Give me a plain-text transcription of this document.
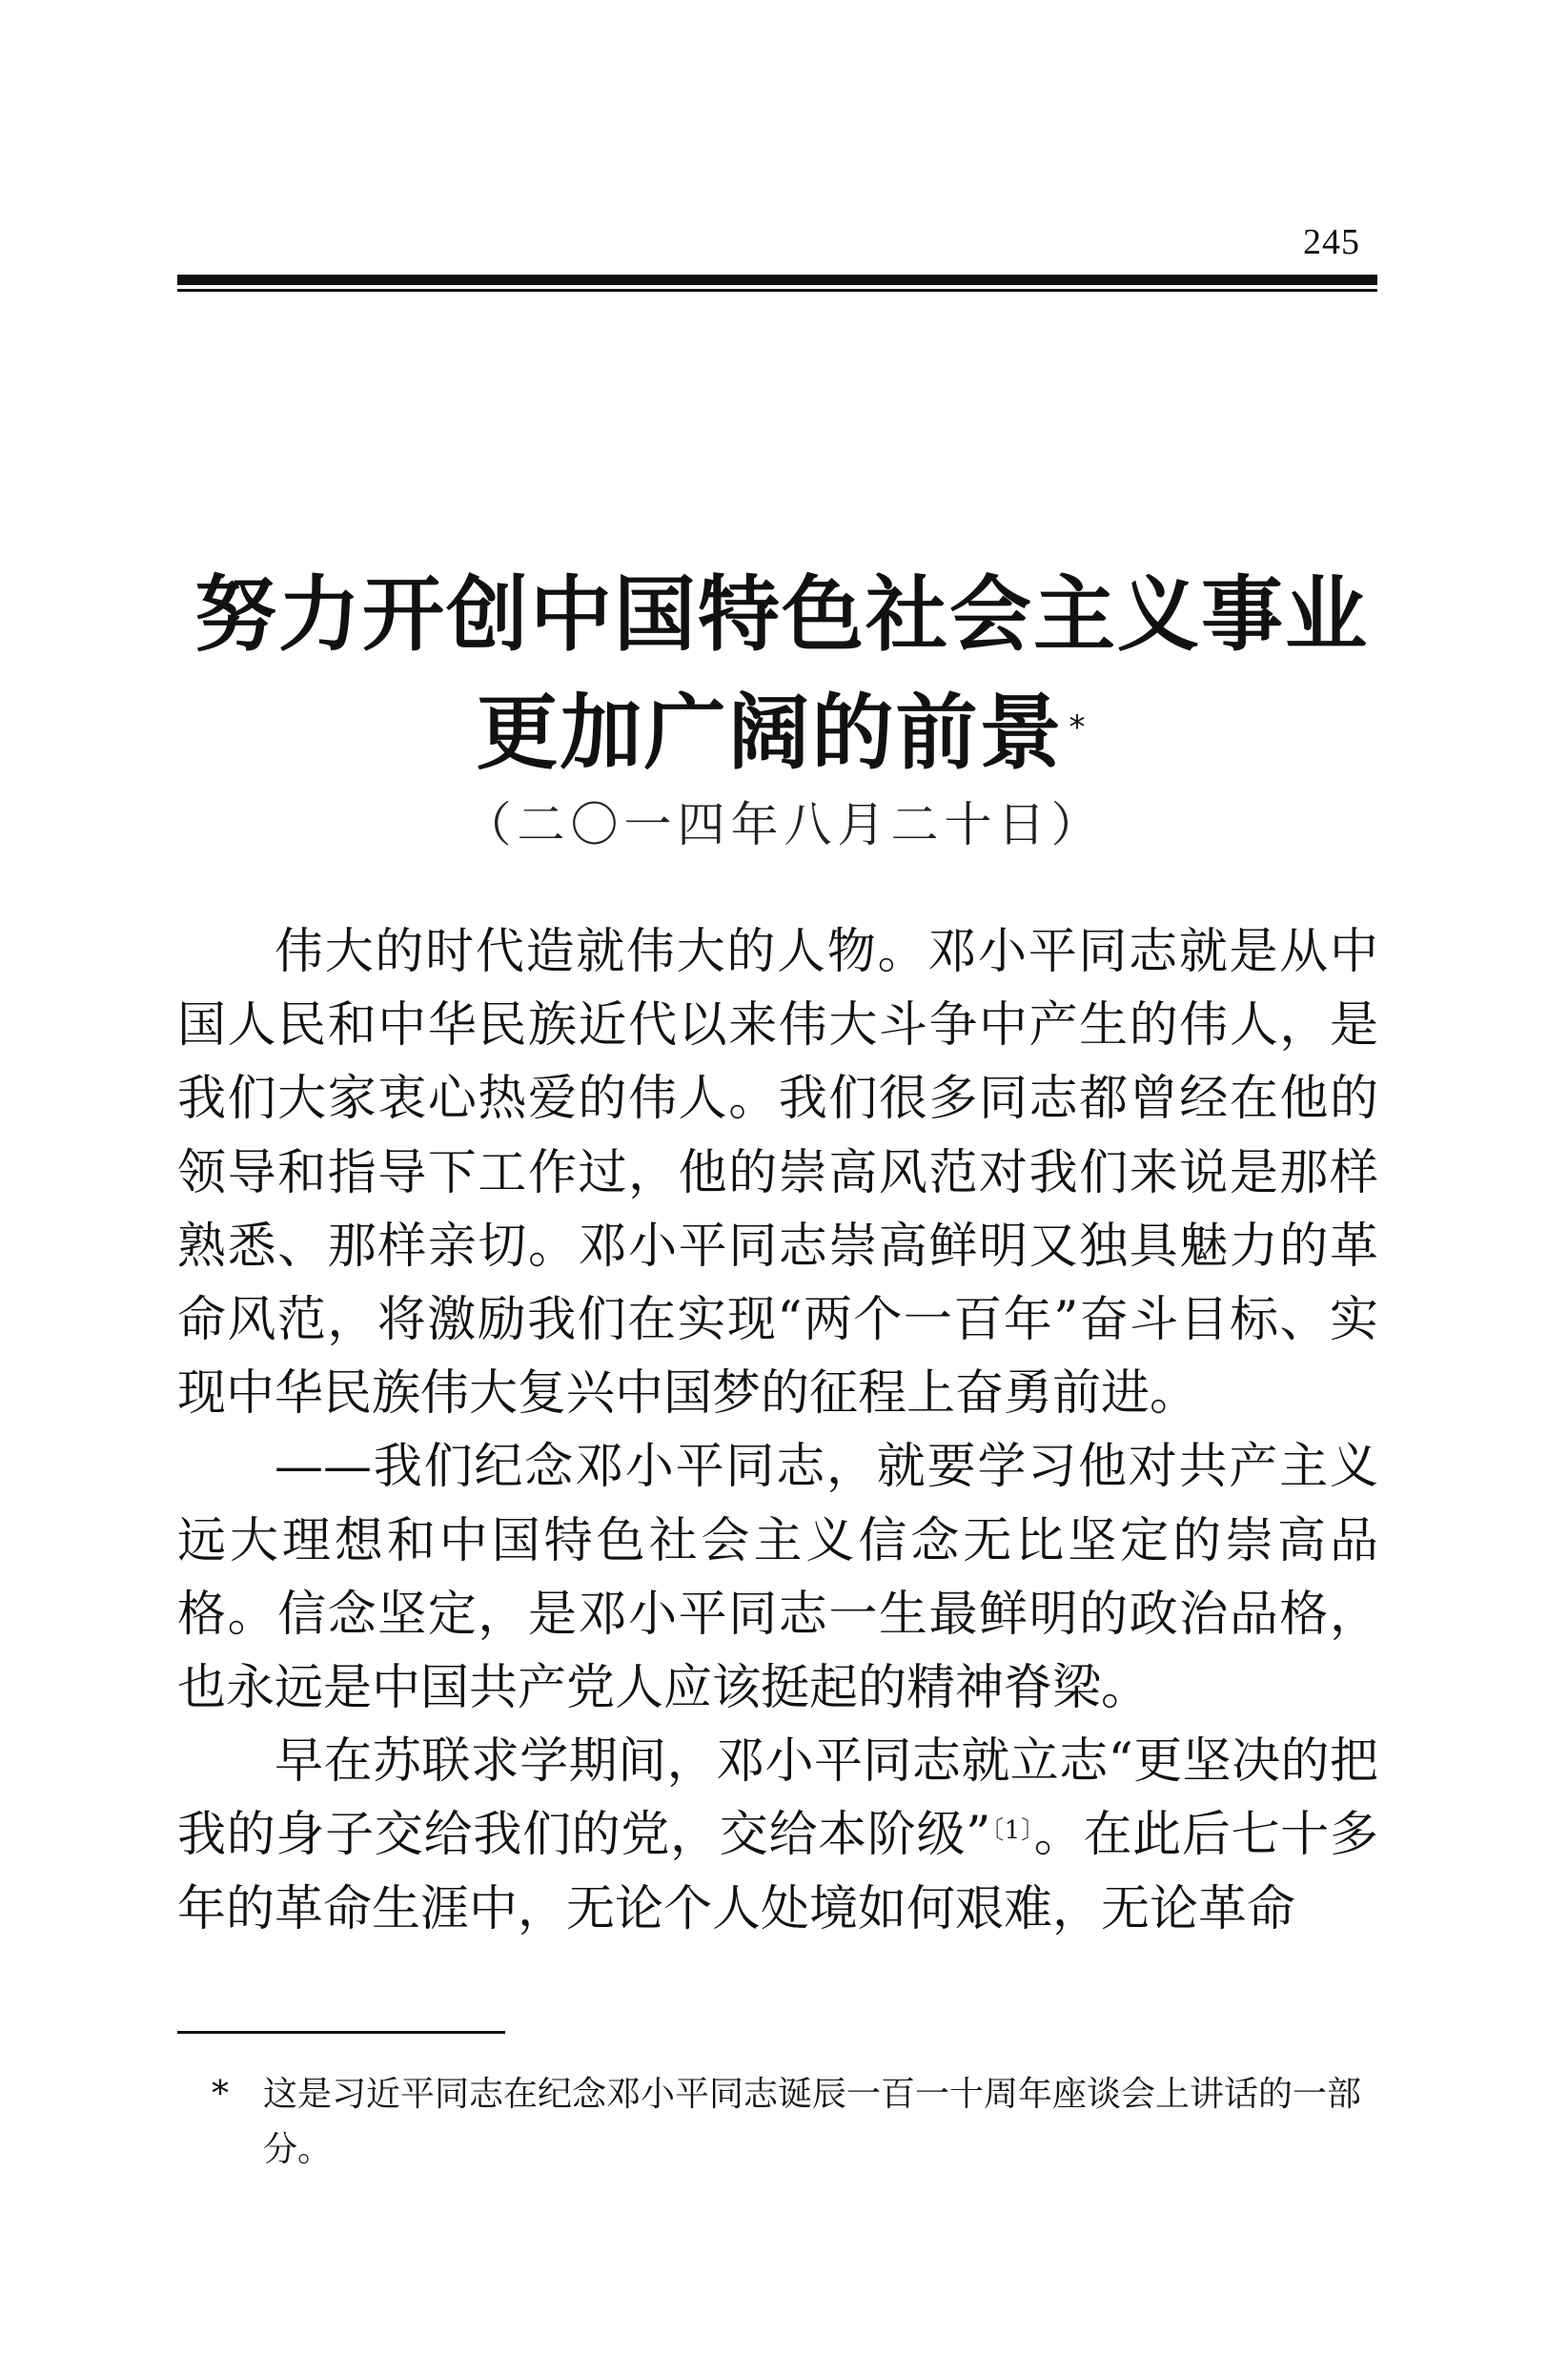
245
努力开创中国特色社会主义事业
更加广阔的前景 *
（二〇一四年八月二十日）

伟大的时代造就伟大的人物。邓小平同志就是从中国人民和中华民族近代以来伟大斗争中产生的伟人，是我们大家衷心热爱的伟人。我们很多同志都曾经在他的领导和指导下工作过，他的崇高风范对我们来说是那样熟悉、那样亲切。邓小平同志崇高鲜明又独具魅力的革命风范，将激励我们在实现“两个一百年”奋斗目标、实现中华民族伟大复兴中国梦的征程上奋勇前进。

——我们纪念邓小平同志，就要学习他对共产主义远大理想和中国特色社会主义信念无比坚定的崇高品格。信念坚定，是邓小平同志一生最鲜明的政治品格，也永远是中国共产党人应该挺起的精神脊梁。

早在苏联求学期间，邓小平同志就立志“更坚决的把我的身子交给我们的党，交给本阶级”$^{〔1〕}$。在此后七十多年的革命生涯中，无论个人处境如何艰难，无论革命

* 这是习近平同志在纪念邓小平同志诞辰一百一十周年座谈会上讲话的一部分。
